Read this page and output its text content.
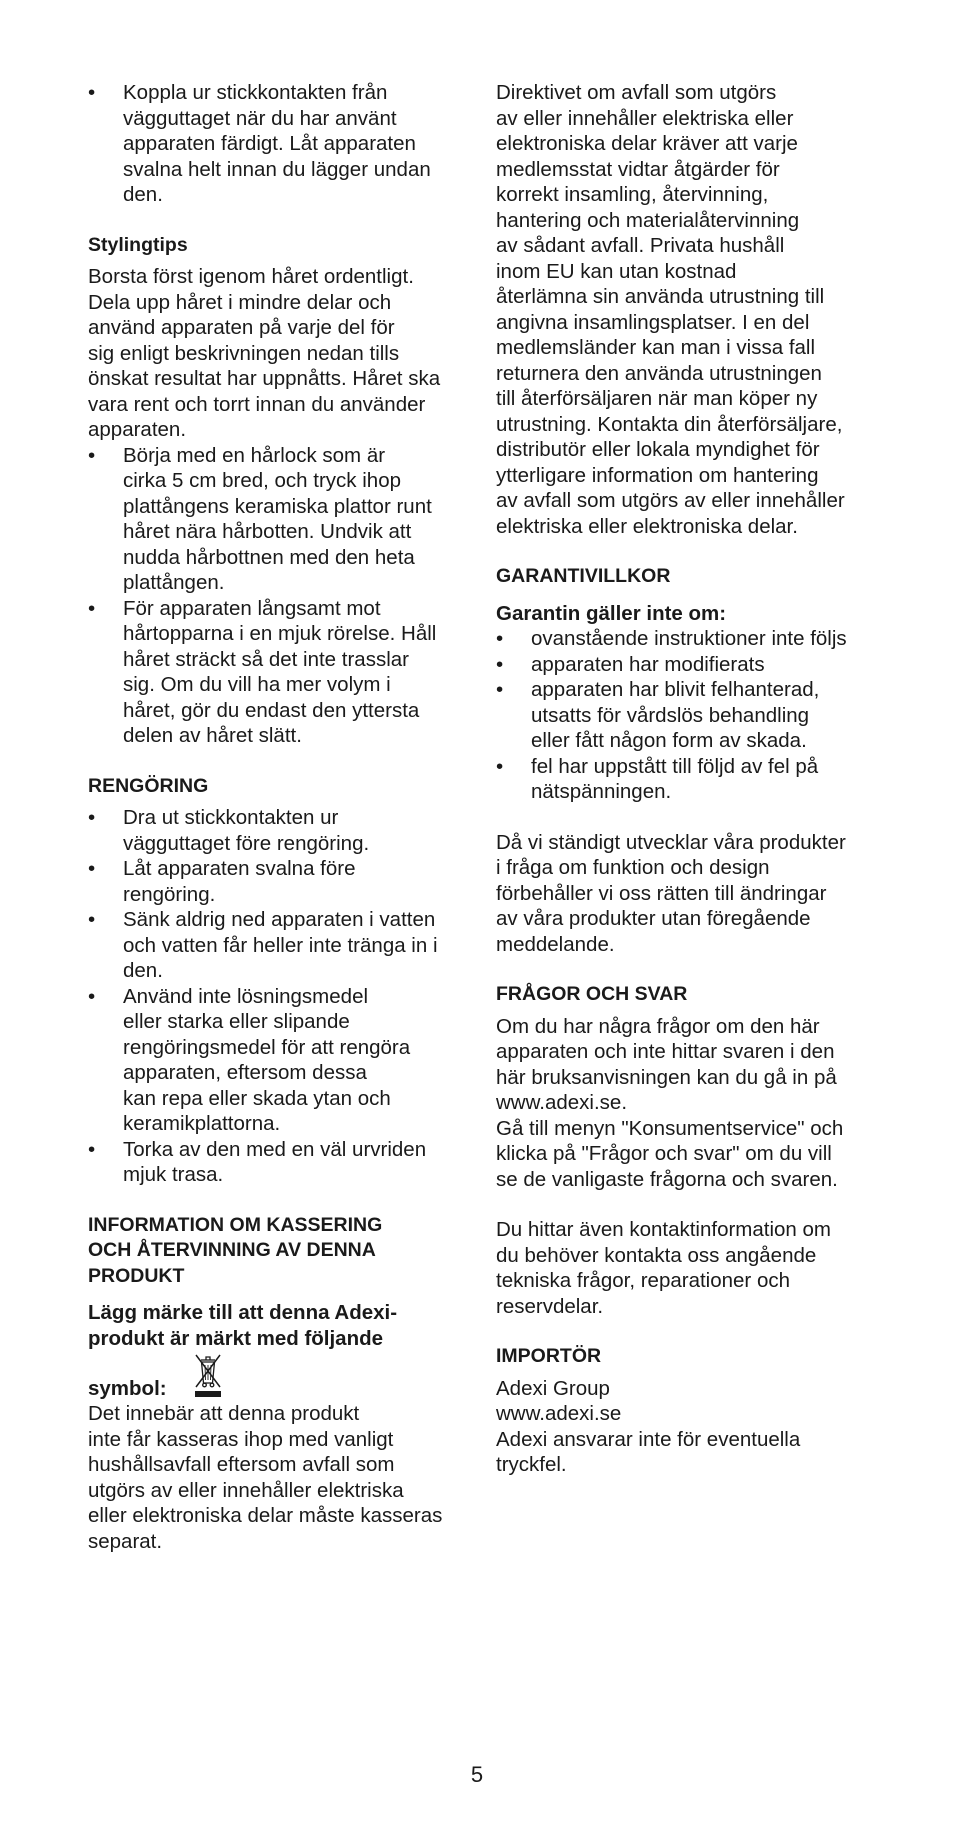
• Koppla ur stickkontakten från
vägguttaget när du har använt
apparaten färdigt. Låt apparaten
svalna helt innan du lägger undan
den.

Stylingtips

Borsta först igenom håret ordentligt.
Dela upp håret i mindre delar och
använd apparaten på varje del för
sig enligt beskrivningen nedan tills
önskat resultat har uppnåtts. Håret ska
vara rent och torrt innan du använder
apparaten.

• Börja med en hårlock som är
cirka 5 cm bred, och tryck ihop
plattångens keramiska plattor runt
håret nära hårbotten. Undvik att
nudda hårbottnen med den heta
plattången.
• För apparaten långsamt mot
hårtopparna i en mjuk rörelse. Håll
håret sträckt så det inte trasslar
sig. Om du vill ha mer volym i
håret, gör du endast den yttersta
delen av håret slätt.

RENGÖRING

• Dra ut stickkontakten ur
vägguttaget före rengöring.
• Låt apparaten svalna före
rengöring.
• Sänk aldrig ned apparaten i vatten
och vatten får heller inte tränga in i
den.
• Använd inte lösningsmedel
eller starka eller slipande
rengöringsmedel för att rengöra
apparaten, eftersom dessa
kan repa eller skada ytan och
keramikplattorna.
• Torka av den med en väl urvriden
mjuk trasa.

INFORMATION OM KASSERING
OCH ÅTERVINNING AV DENNA
PRODUKT

Lägg märke till att denna Adexi-
produkt är märkt med följande

symbol:

Det innebär att denna produkt
inte får kasseras ihop med vanligt
hushållsavfall eftersom avfall som
utgörs av eller innehåller elektriska
eller elektroniska delar måste kasseras
separat.

Direktivet om avfall som utgörs
av eller innehåller elektriska eller
elektroniska delar kräver att varje
medlemsstat vidtar åtgärder för
korrekt insamling, återvinning,
hantering och materialåtervinning
av sådant avfall. Privata hushåll
inom EU kan utan kostnad
återlämna sin använda utrustning till
angivna insamlingsplatser. I en del
medlemsländer kan man i vissa fall
returnera den använda utrustningen
till återförsäljaren när man köper ny
utrustning. Kontakta din återförsäljare,
distributör eller lokala myndighet för
ytterligare information om hantering
av avfall som utgörs av eller innehåller
elektriska eller elektroniska delar.

GARANTIVILLKOR

Garantin gäller inte om:

• ovanstående instruktioner inte följs
• apparaten har modifierats
• apparaten har blivit felhanterad,
utsatts för vårdslös behandling
eller fått någon form av skada.
• fel har uppstått till följd av fel på
nätspänningen.

Då vi ständigt utvecklar våra produkter
i fråga om funktion och design
förbehåller vi oss rätten till ändringar
av våra produkter utan föregående
meddelande.

FRÅGOR OCH SVAR

Om du har några frågor om den här
apparaten och inte hittar svaren i den
här bruksanvisningen kan du gå in på
www.adexi.se.
Gå till menyn "Konsumentservice" och
klicka på "Frågor och svar" om du vill
se de vanligaste frågorna och svaren.

Du hittar även kontaktinformation om
du behöver kontakta oss angående
tekniska frågor, reparationer och
reservdelar.

IMPORTÖR

Adexi Group
www.adexi.se
Adexi ansvarar inte för eventuella
tryckfel.

5
